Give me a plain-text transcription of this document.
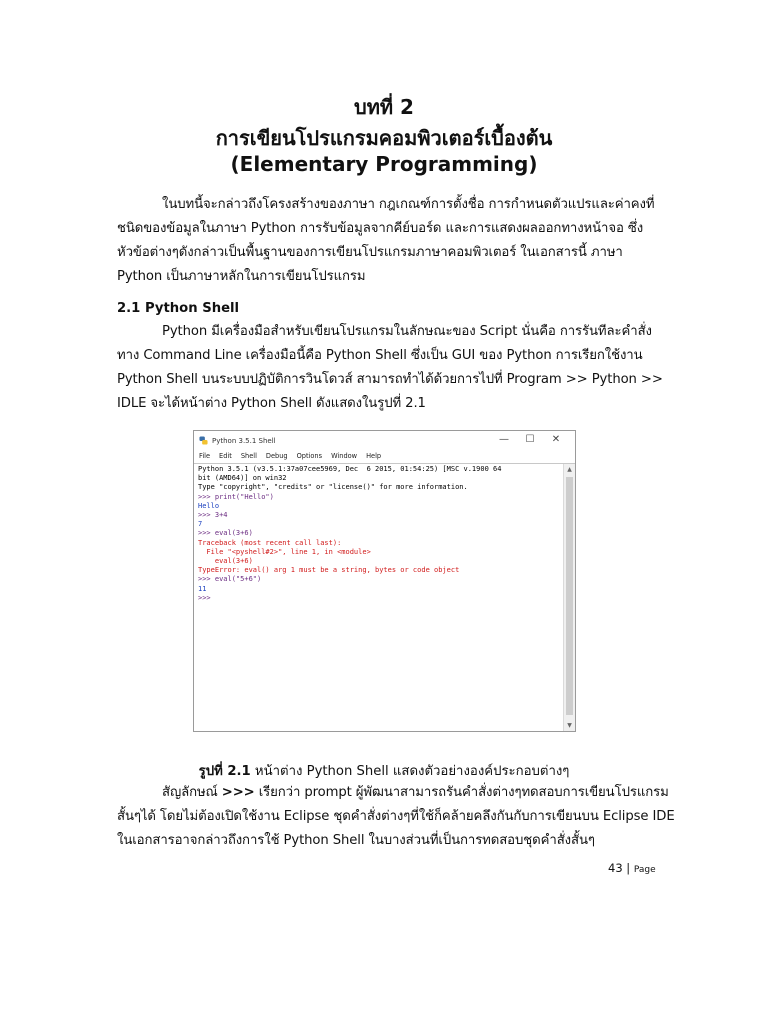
บทที่ 2
การเขียนโปรแกรมคอมพิวเตอร์เบื้องต้น
(Elementary Programming)
ในบทนี้จะกล่าวถึงโครงสร้างของภาษา กฎเกณฑ์การตั้งชื่อ การกำหนดตัวแปรและค่าคงที่
ชนิดของข้อมูลในภาษา Python การรับข้อมูลจากคีย์บอร์ด และการแสดงผลออกทางหน้าจอ ซึ่ง
หัวข้อต่างๆดังกล่าวเป็นพื้นฐานของการเขียนโปรแกรมภาษาคอมพิวเตอร์ ในเอกสารนี้ ภาษา
Python เป็นภาษาหลักในการเขียนโปรแกรม
2.1 Python Shell
Python มีเครื่องมือสำหรับเขียนโปรแกรมในลักษณะของ Script นั่นคือ การรันทีละคำสั่ง
ทาง Command Line เครื่องมือนี้คือ Python Shell ซึ่งเป็น GUI ของ Python การเรียกใช้งาน
Python Shell บนระบบปฏิบัติการวินโดวส์ สามารถทำได้ด้วยการไปที่ Program >> Python >>
IDLE จะได้หน้าต่าง Python Shell ดังแสดงในรูปที่ 2.1
Python 3.5.1 Shell	—	☐	✕
File Edit Shell Debug Options Window Help
Python 3.5.1 (v3.5.1:37a07cee5969, Dec  6 2015, 01:54:25) [MSC v.1900 64
bit (AMD64)] on win32
Type "copyright", "credits" or "license()" for more information.
>>> print("Hello")
Hello
>>> 3+4
7
>>> eval(3+6)
Traceback (most recent call last):
File "<pyshell#2>", line 1, in <module>
eval(3+6)
TypeError: eval() arg 1 must be a string, bytes or code object
>>> eval("5+6")
11
>>>
▲
▼
รูปที่ 2.1 หน้าต่าง Python Shell แสดงตัวอย่างองค์ประกอบต่างๆ
สัญลักษณ์ >>> เรียกว่า prompt ผู้พัฒนาสามารถรันคำสั่งต่างๆทดสอบการเขียนโปรแกรม
สั้นๆได้ โดยไม่ต้องเปิดใช้งาน Eclipse ชุดคำสั่งต่างๆที่ใช้ก็คล้ายคลึงกันกับการเขียนบน Eclipse IDE
ในเอกสารอาจกล่าวถึงการใช้ Python Shell ในบางส่วนที่เป็นการทดสอบชุดคำสั่งสั้นๆ
43 | Page
